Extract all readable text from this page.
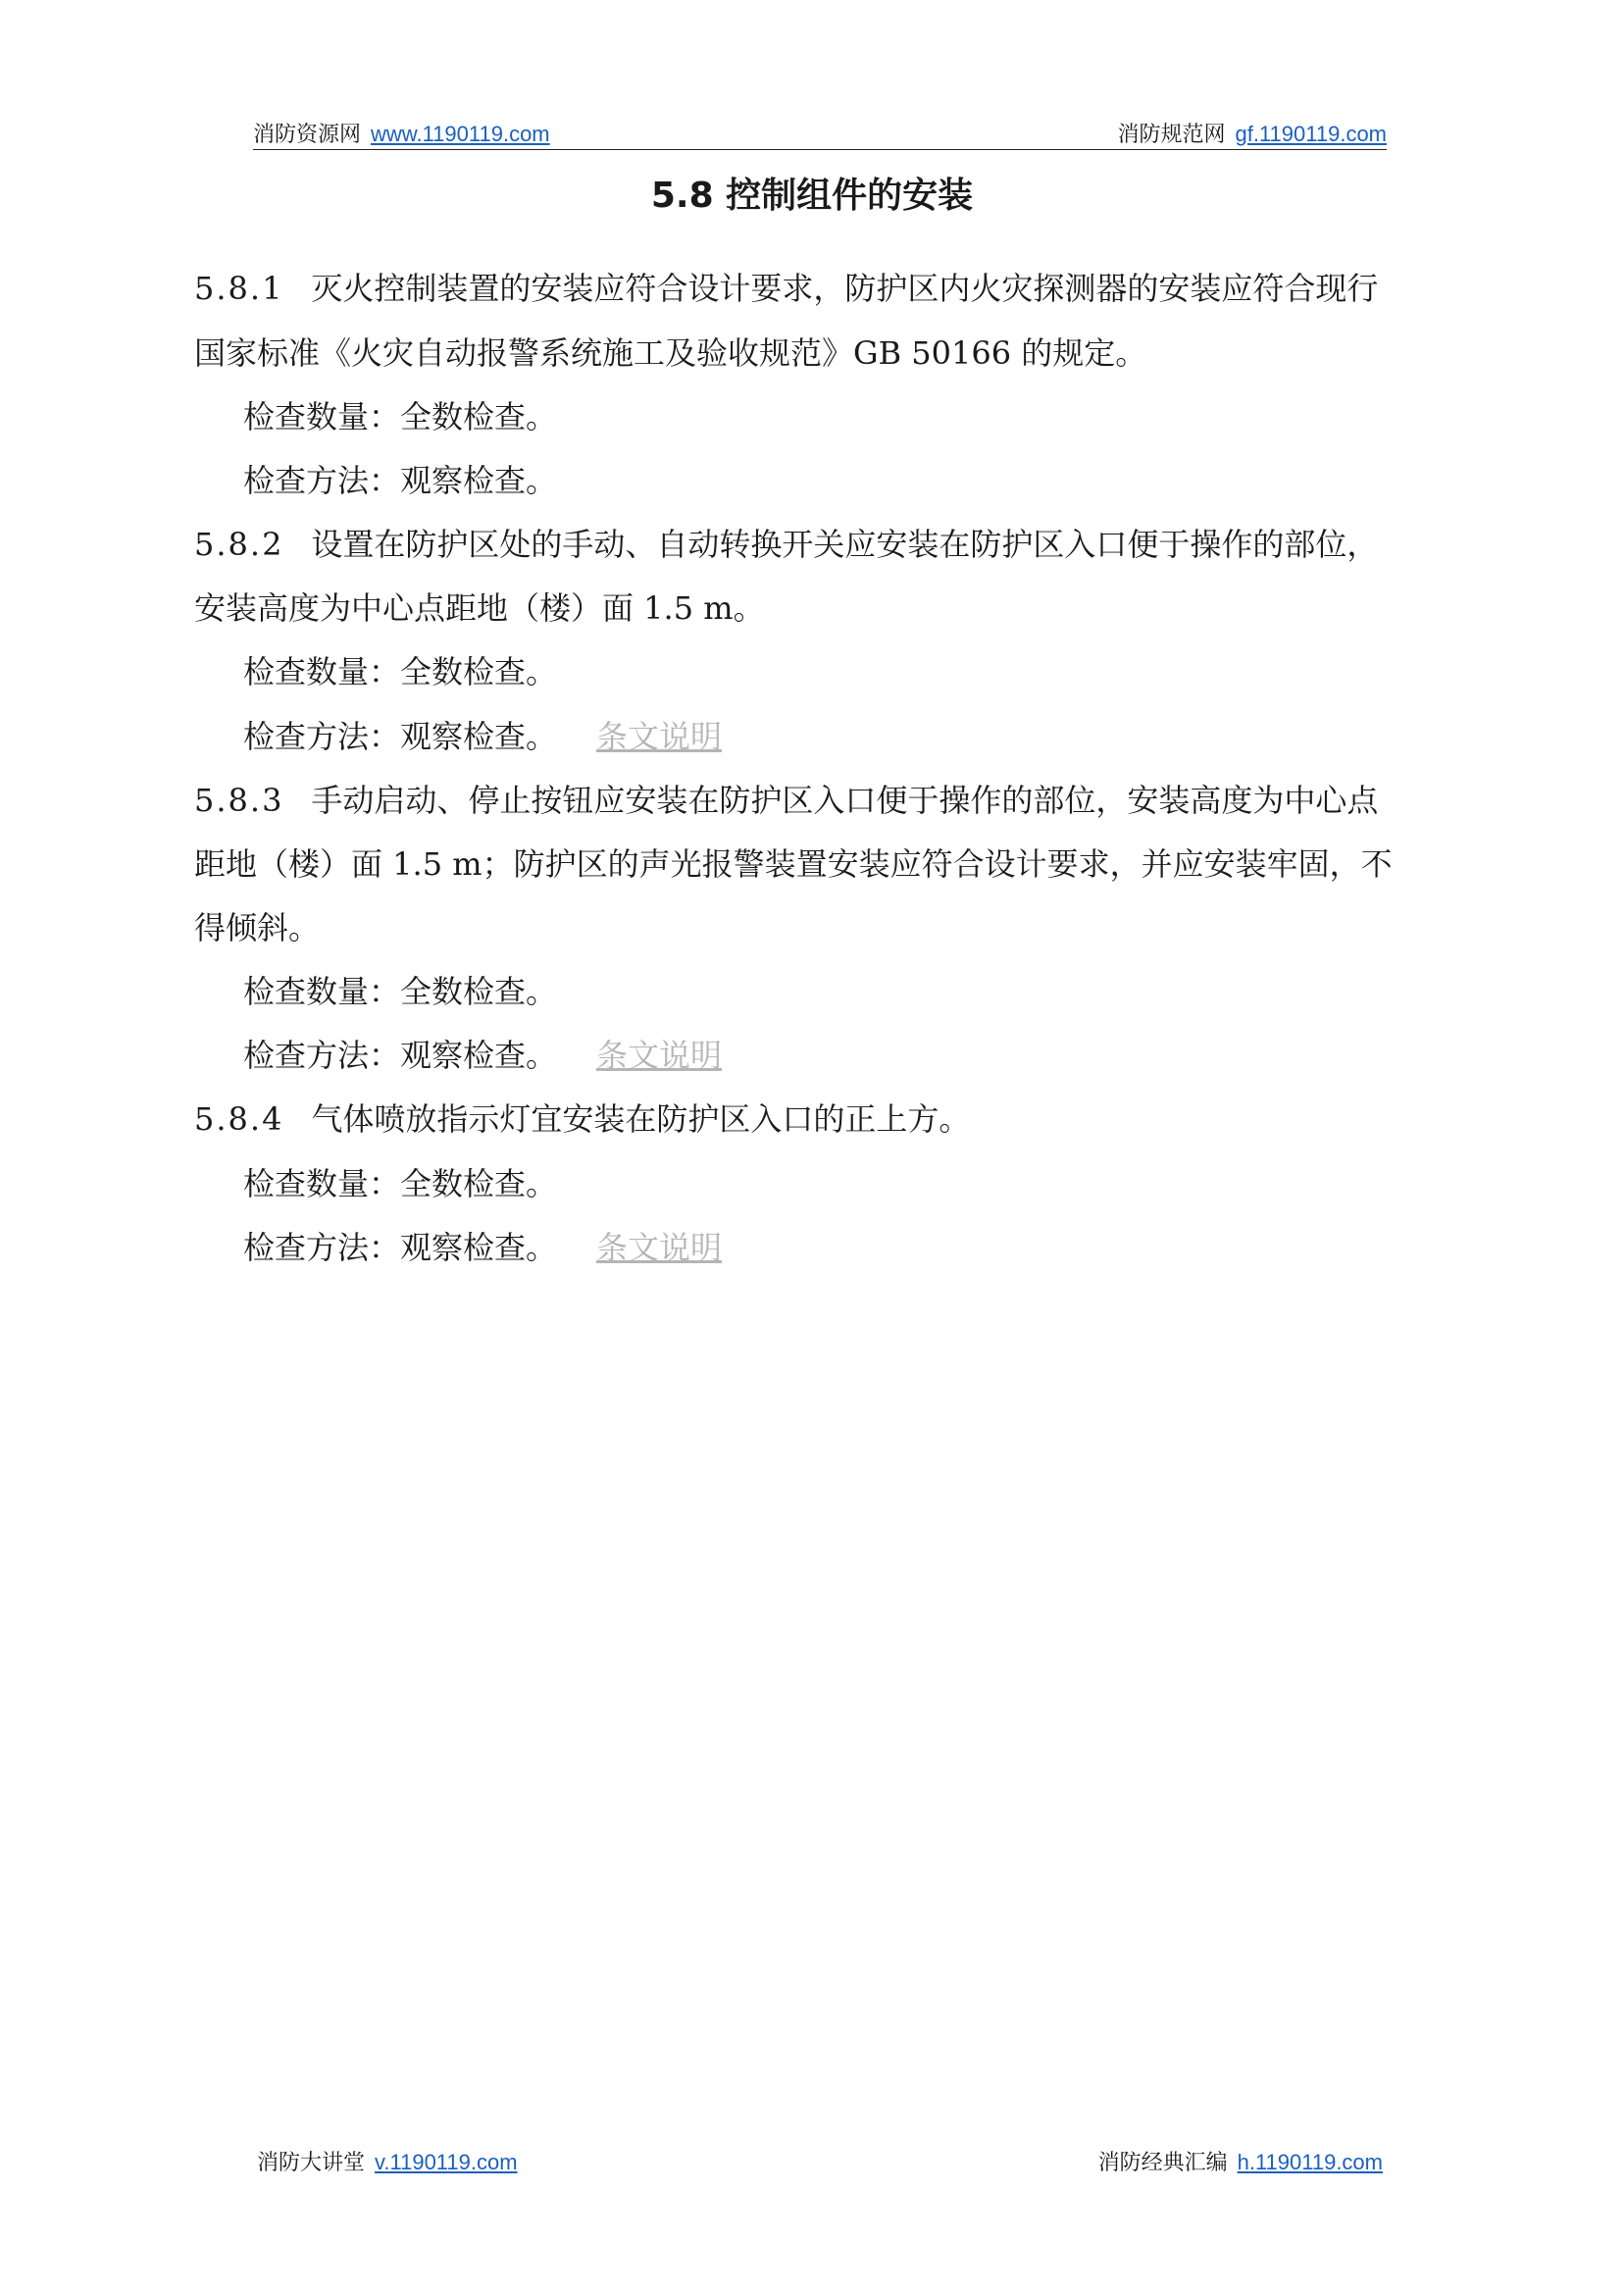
消防资源网 www.1190119.com	消防规范网 gf.1190119.com
5.8 控制组件的安装
5.8.1 灭火控制装置的安装应符合设计要求，防护区内火灾探测器的安装应符合现行
国家标准《火灾自动报警系统施工及验收规范》GB 50166 的规定。
检查数量：全数检查。
检查方法：观察检查。
5.8.2 设置在防护区处的手动、自动转换开关应安装在防护区入口便于操作的部位，
安装高度为中心点距地（楼）面 1.5 m。
检查数量：全数检查。
检查方法：观察检查。 条文说明
5.8.3 手动启动、停止按钮应安装在防护区入口便于操作的部位，安装高度为中心点
距地（楼）面 1.5 m；防护区的声光报警装置安装应符合设计要求，并应安装牢固，不
得倾斜。
检查数量：全数检查。
检查方法：观察检查。 条文说明
5.8.4 气体喷放指示灯宜安装在防护区入口的正上方。
检查数量：全数检查。
检查方法：观察检查。 条文说明
消防大讲堂 v.1190119.com	消防经典汇编 h.1190119.com
